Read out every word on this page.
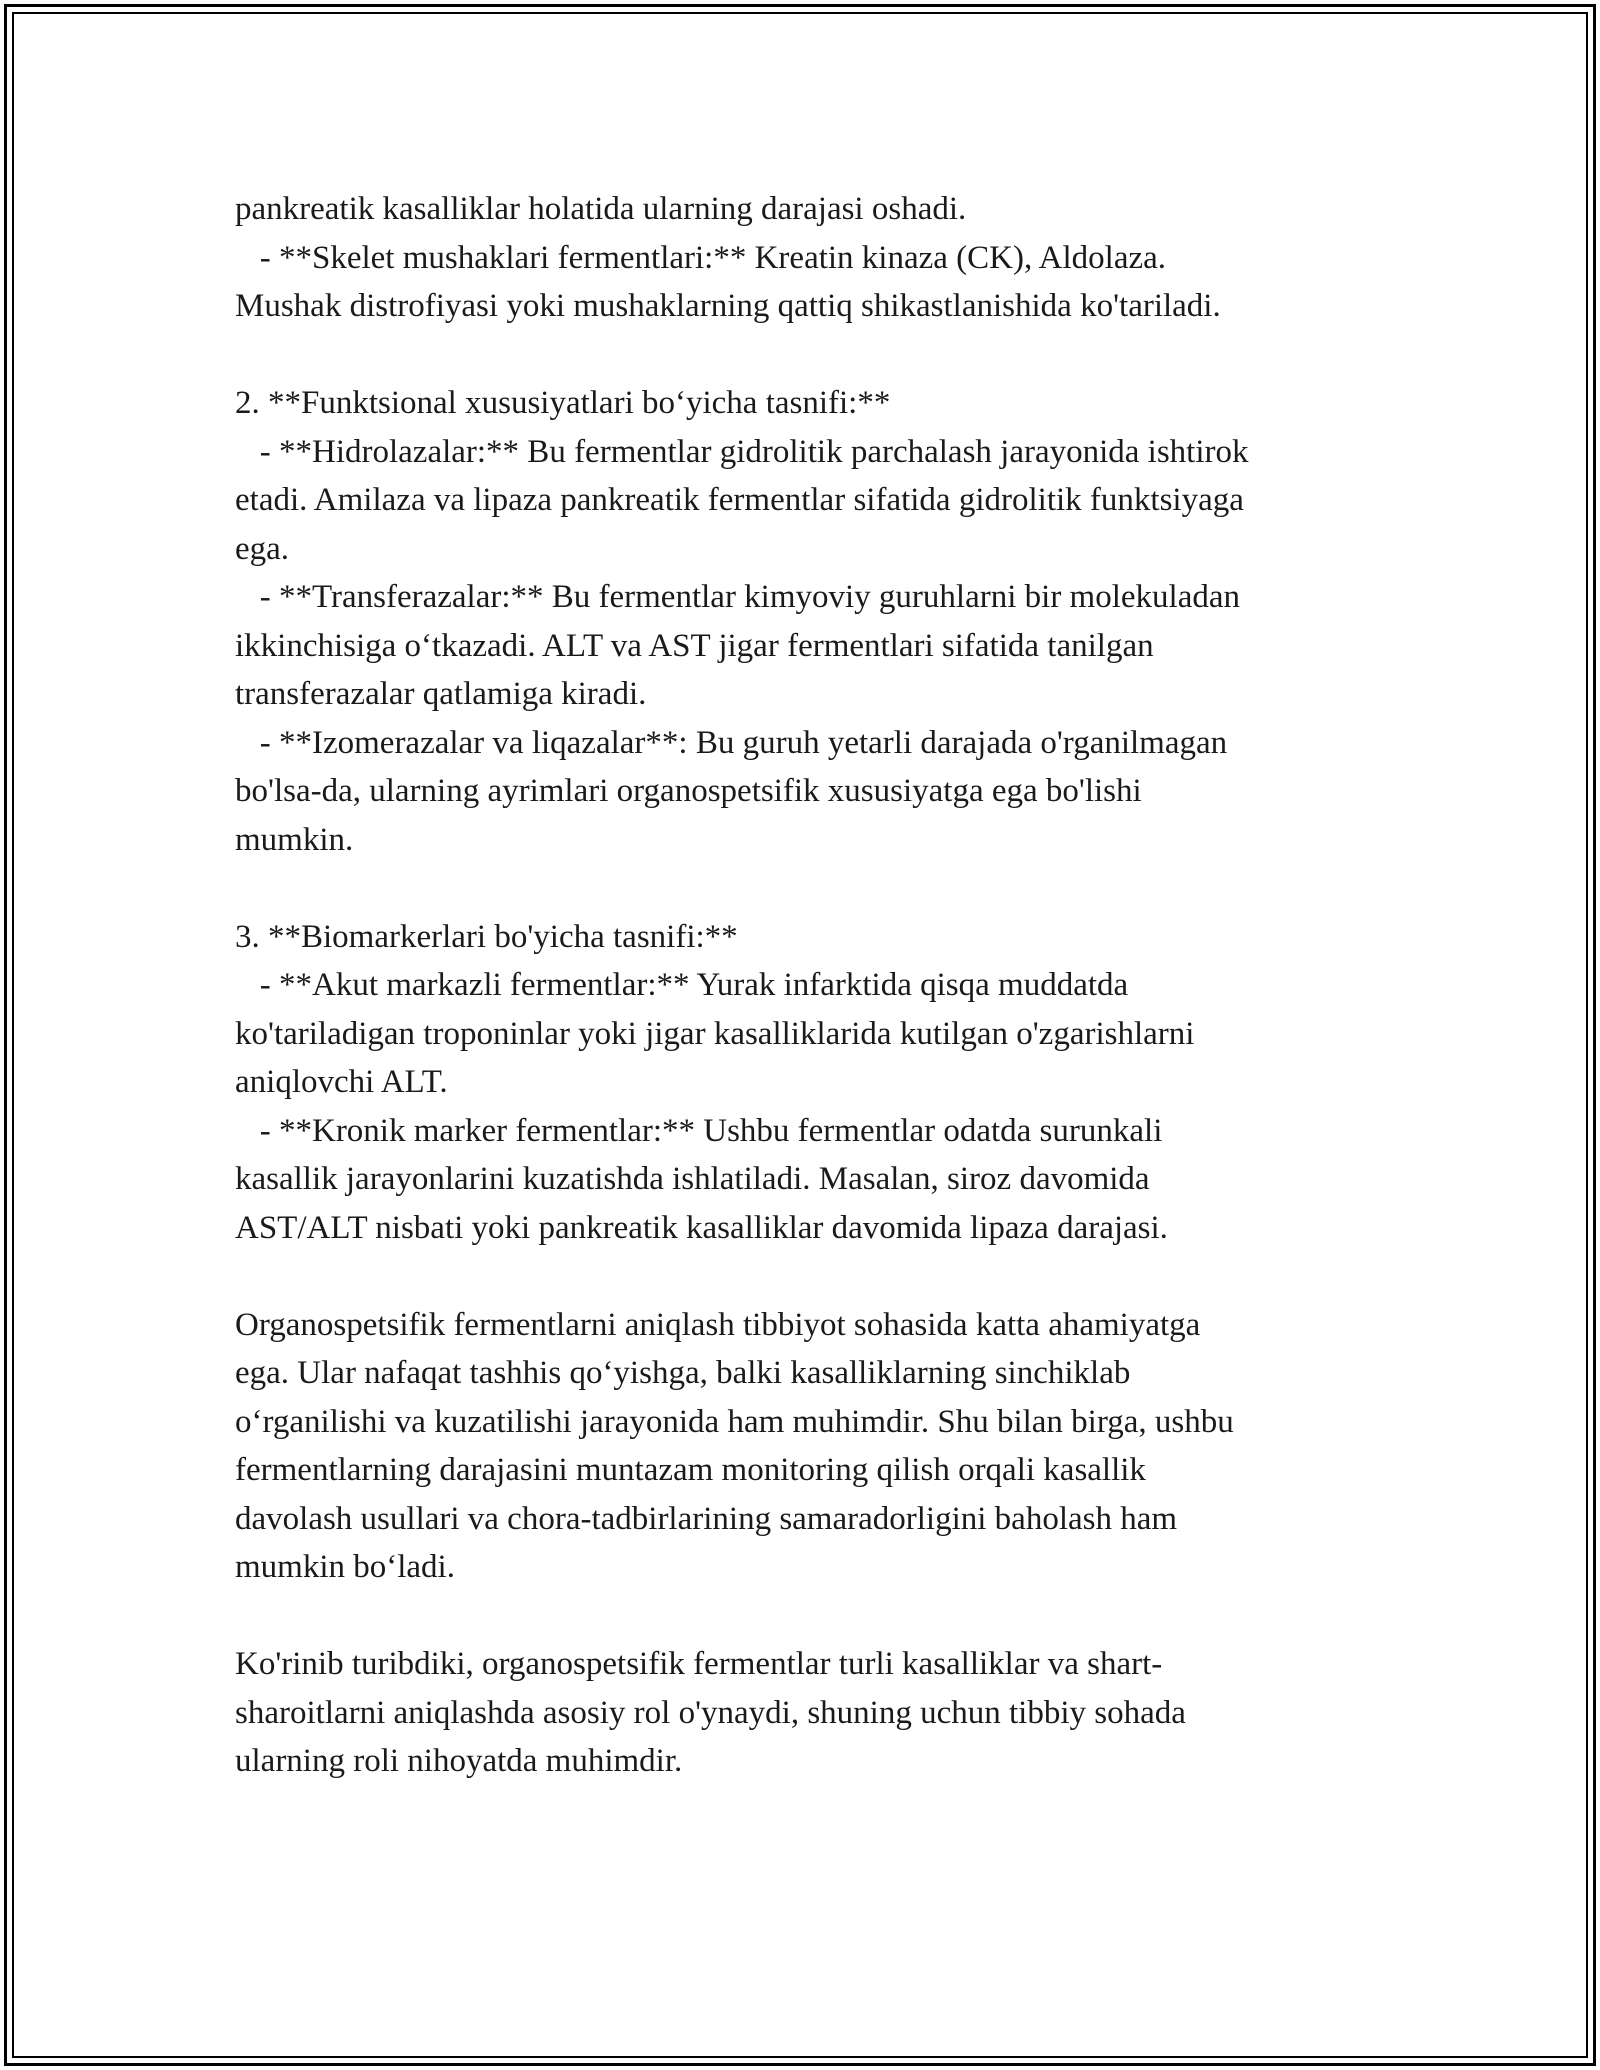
pankreatik kasalliklar holatida ularning darajasi oshadi.
- **Skelet mushaklari fermentlari:** Kreatin kinaza (CK), Aldolaza.
Mushak distrofiyasi yoki mushaklarning qattiq shikastlanishida ko'tariladi.
2. **Funktsional xususiyatlari bo‘yicha tasnifi:**
- **Hidrolazalar:** Bu fermentlar gidrolitik parchalash jarayonida ishtirok
etadi. Amilaza va lipaza pankreatik fermentlar sifatida gidrolitik funktsiyaga
ega.
- **Transferazalar:** Bu fermentlar kimyoviy guruhlarni bir molekuladan
ikkinchisiga o‘tkazadi. ALT va AST jigar fermentlari sifatida tanilgan
transferazalar qatlamiga kiradi.
- **Izomerazalar va liqazalar**: Bu guruh yetarli darajada o'rganilmagan
bo'lsa-da, ularning ayrimlari organospetsifik xususiyatga ega bo'lishi
mumkin.
3. **Biomarkerlari bo'yicha tasnifi:**
- **Akut markazli fermentlar:** Yurak infarktida qisqa muddatda
ko'tariladigan troponinlar yoki jigar kasalliklarida kutilgan o'zgarishlarni
aniqlovchi ALT.
- **Kronik marker fermentlar:** Ushbu fermentlar odatda surunkali
kasallik jarayonlarini kuzatishda ishlatiladi. Masalan, siroz davomida
AST/ALT nisbati yoki pankreatik kasalliklar davomida lipaza darajasi.
Organospetsifik fermentlarni aniqlash tibbiyot sohasida katta ahamiyatga
ega. Ular nafaqat tashhis qo‘yishga, balki kasalliklarning sinchiklab
o‘rganilishi va kuzatilishi jarayonida ham muhimdir. Shu bilan birga, ushbu
fermentlarning darajasini muntazam monitoring qilish orqali kasallik
davolash usullari va chora-tadbirlarining samaradorligini baholash ham
mumkin bo‘ladi.
Ko'rinib turibdiki, organospetsifik fermentlar turli kasalliklar va shart-
sharoitlarni aniqlashda asosiy rol o'ynaydi, shuning uchun tibbiy sohada
ularning roli nihoyatda muhimdir.
